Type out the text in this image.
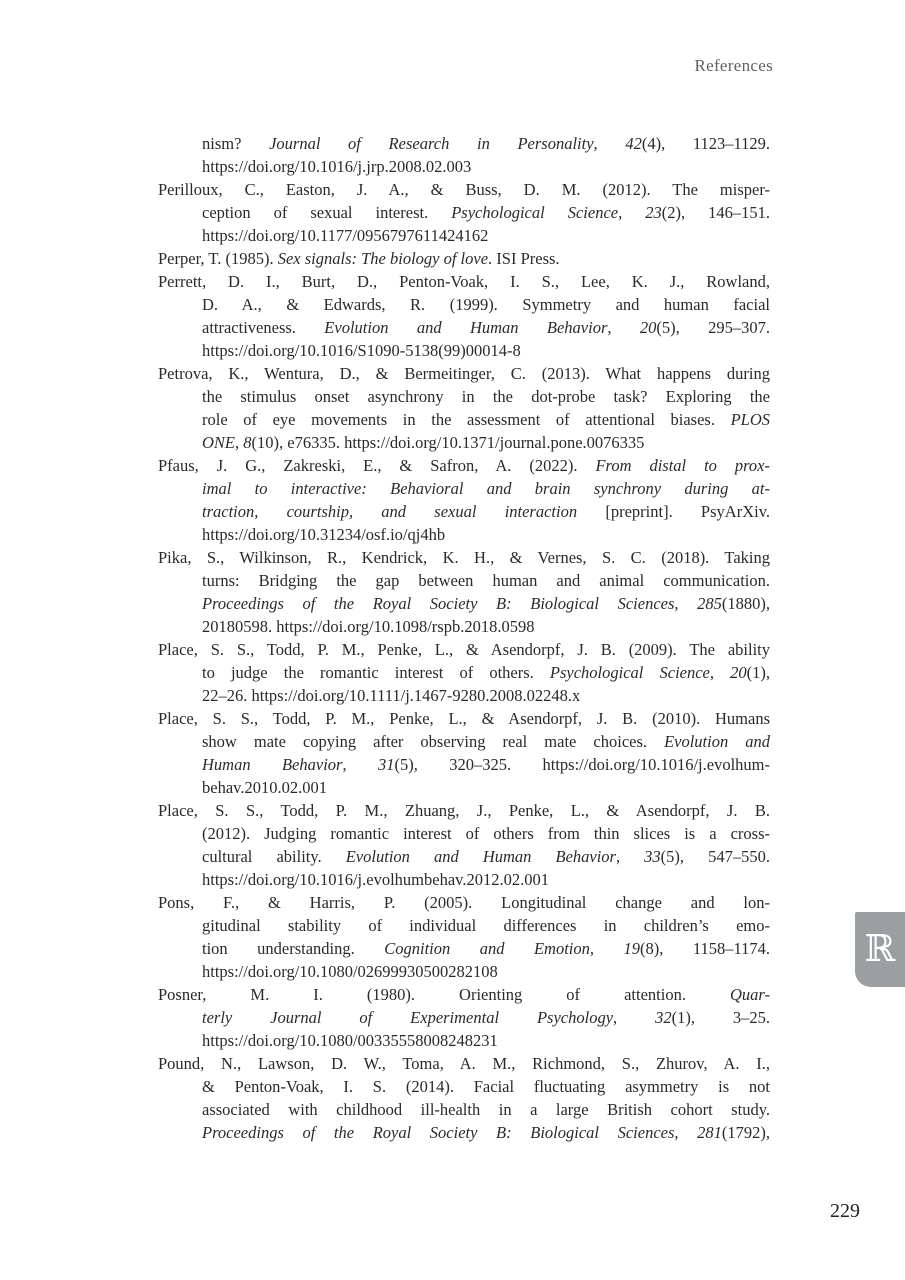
References
nism? Journal of Research in Personality, 42(4), 1123–1129.
https://doi.org/10.1016/j.jrp.2008.02.003
Perilloux, C., Easton, J. A., & Buss, D. M. (2012). The misper-
ception of sexual interest. Psychological Science, 23(2), 146–151.
https://doi.org/10.1177/0956797611424162
Perper, T. (1985). Sex signals: The biology of love. ISI Press.
Perrett, D. I., Burt, D., Penton-Voak, I. S., Lee, K. J., Rowland,
D. A., & Edwards, R. (1999). Symmetry and human facial
attractiveness. Evolution and Human Behavior, 20(5), 295–307.
https://doi.org/10.1016/S1090-5138(99)00014-8
Petrova, K., Wentura, D., & Bermeitinger, C. (2013). What happens during
the stimulus onset asynchrony in the dot-probe task? Exploring the
role of eye movements in the assessment of attentional biases. PLOS
ONE, 8(10), e76335. https://doi.org/10.1371/journal.pone.0076335
Pfaus, J. G., Zakreski, E., & Safron, A. (2022). From distal to prox-
imal to interactive: Behavioral and brain synchrony during at-
traction, courtship, and sexual interaction [preprint]. PsyArXiv.
https://doi.org/10.31234/osf.io/qj4hb
Pika, S., Wilkinson, R., Kendrick, K. H., & Vernes, S. C. (2018). Taking
turns: Bridging the gap between human and animal communication.
Proceedings of the Royal Society B: Biological Sciences, 285(1880),
20180598. https://doi.org/10.1098/rspb.2018.0598
Place, S. S., Todd, P. M., Penke, L., & Asendorpf, J. B. (2009). The ability
to judge the romantic interest of others. Psychological Science, 20(1),
22–26. https://doi.org/10.1111/j.1467-9280.2008.02248.x
Place, S. S., Todd, P. M., Penke, L., & Asendorpf, J. B. (2010). Humans
show mate copying after observing real mate choices. Evolution and
Human Behavior, 31(5), 320–325. https://doi.org/10.1016/j.evolhum-
behav.2010.02.001
Place, S. S., Todd, P. M., Zhuang, J., Penke, L., & Asendorpf, J. B.
(2012). Judging romantic interest of others from thin slices is a cross-
cultural ability. Evolution and Human Behavior, 33(5), 547–550.
https://doi.org/10.1016/j.evolhumbehav.2012.02.001
Pons, F., & Harris, P. (2005). Longitudinal change and lon-
gitudinal stability of individual differences in children’s emo-
tion understanding. Cognition and Emotion, 19(8), 1158–1174.
https://doi.org/10.1080/02699930500282108
Posner, M. I. (1980). Orienting of attention. Quar-
terly Journal of Experimental Psychology, 32(1), 3–25.
https://doi.org/10.1080/00335558008248231
Pound, N., Lawson, D. W., Toma, A. M., Richmond, S., Zhurov, A. I.,
& Penton-Voak, I. S. (2014). Facial fluctuating asymmetry is not
associated with childhood ill-health in a large British cohort study.
Proceedings of the Royal Society B: Biological Sciences, 281(1792),
ℝ
229
